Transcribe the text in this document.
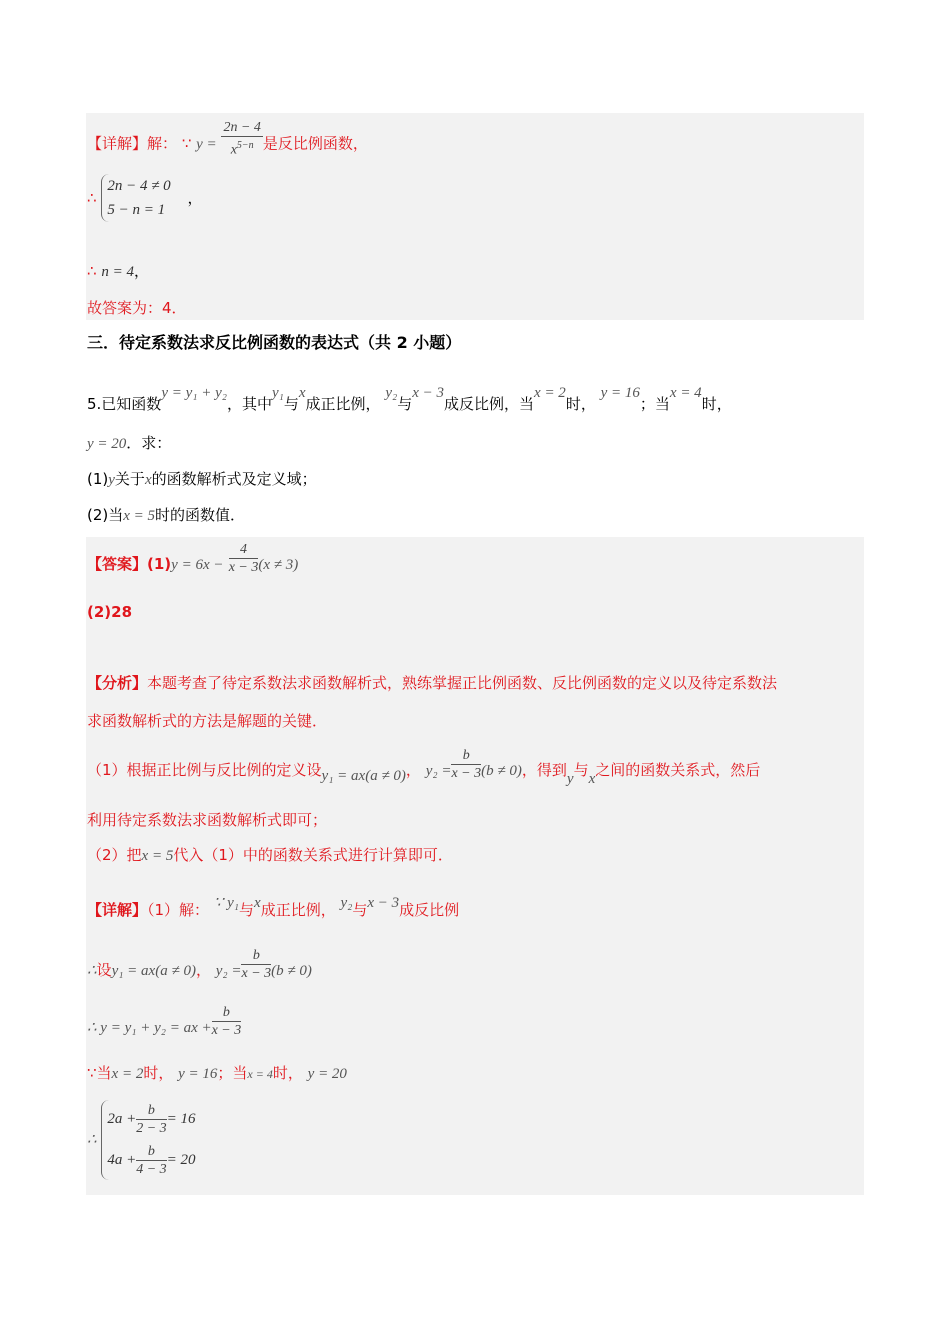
【详解】解： ∵ $y = \frac{2n - 4}{x^{5-n}}$ 是反比例函数，
∴
2n − 4 ≠ 0
5 − n = 1
，
∴ n = 4，
故答案为：4．
三．待定系数法求反比例函数的表达式（共 2 小题）
5.已知函数y = y₁ + y₂，其中y₁与x成正比例， y₂与x − 3成反比例，当x = 2时， y = 16；当x = 4时，
y = 20．求：
(1)y关于x的函数解析式及定义域；
(2)当x = 5时的函数值．
【答案】$(1)y = 6x - \frac{4}{x - 3} (x \ne 3)$
(2)28
【分析】本题考查了待定系数法求函数解析式，熟练掌握正比例函数、反比例函数的定义以及待定系数法
求函数解析式的方法是解题的关键．
（1）根据正比例与反比例的定义设y₁ = ax(a ≠ 0)， $y_2 = \frac{b}{x - 3} (b \ne 0)$，得到y与x之间的函数关系式，然后
利用待定系数法求函数解析式即可；
（2）把x = 5代入（1）中的函数关系式进行计算即可．
【详解】（1）解： ∵ y₁与x成正比例， y₂与x − 3成反比例
∴设y₁ = ax(a ≠ 0)， $y_2 = \frac{b}{x - 3} (b \ne 0)$
∴ y = y₁ + y₂ = ax + $\frac{b}{x - 3}$
∵当x = 2时， y = 16；当x = 4时， y = 20
∴
$2a + \frac{b}{2 - 3} = 16$
$4a + \frac{b}{4 - 3} = 20$
